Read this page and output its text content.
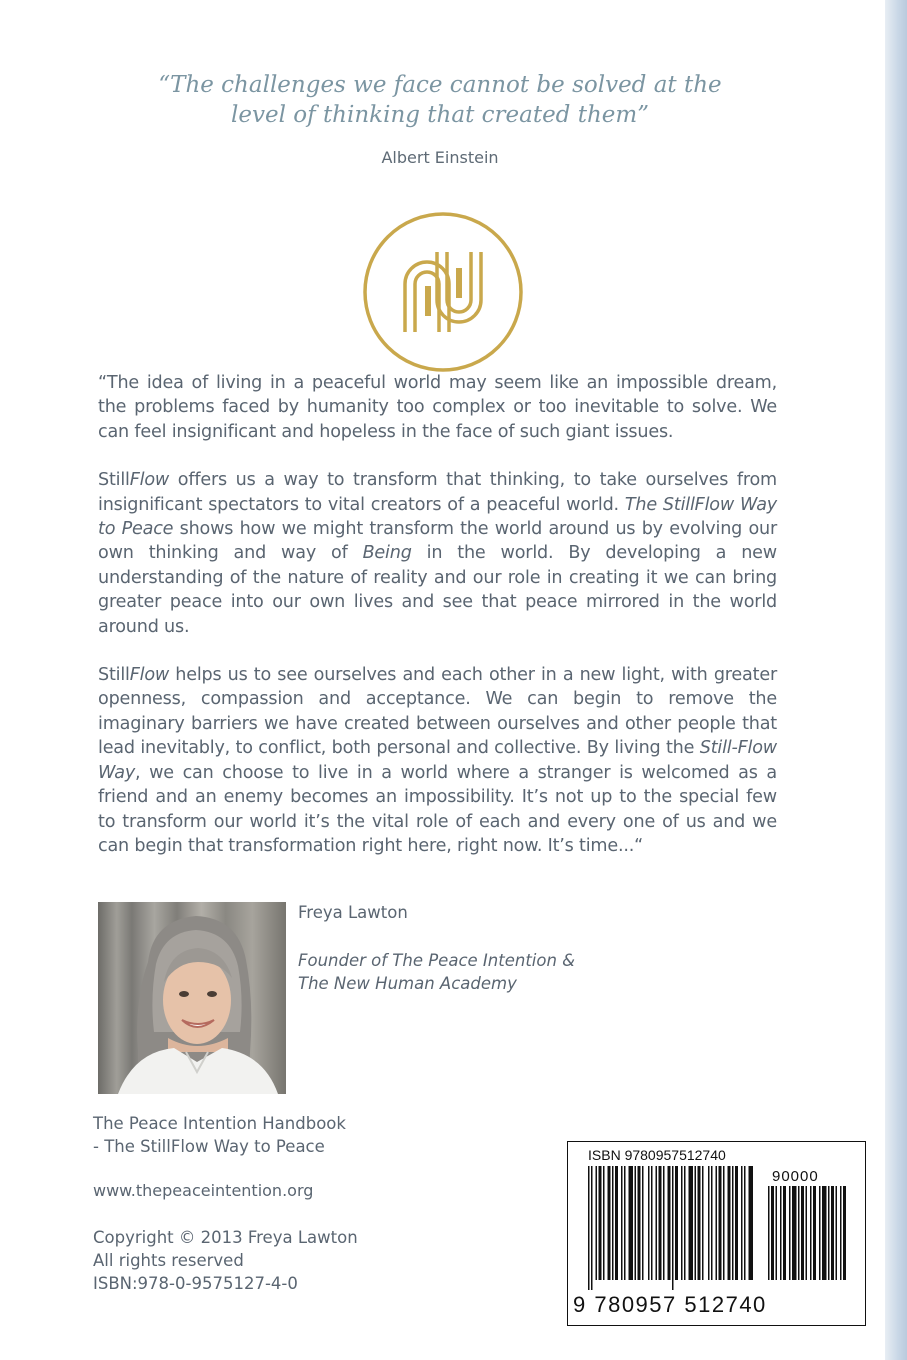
“The challenges we face cannot be solved at the
level of thinking that created them”
Albert Einstein

“The idea of living in a peaceful world may seem like an impossible dream, the problems faced by humanity too complex or too inevitable to solve. We can feel insignificant and hopeless in the face of such giant issues.

StillFlow offers us a way to transform that thinking, to take ourselves from insignificant spectators to vital creators of a peaceful world. The StillFlow Way to Peace shows how we might transform the world around us by evolving our own thinking and way of Being in the world. By developing a new understanding of the nature of reality and our role in creating it we can bring greater peace into our own lives and see that peace mirrored in the world around us.

StillFlow helps us to see ourselves and each other in a new light, with greater openness, compassion and acceptance. We can begin to remove the imaginary barriers we have created between ourselves and other people that lead inevitably, to conflict, both personal and collective. By living the Still-Flow Way, we can choose to live in a world where a stranger is welcomed as a friend and an enemy becomes an impossibility. It’s not up to the special few to transform our world it’s the vital role of each and every one of us and we can begin that transformation right here, right now. It’s time...“

Freya Lawton
Founder of The Peace Intention &
The New Human Academy
The Peace Intention Handbook
- The StillFlow Way to Peace
www.thepeaceintention.org
Copyright © 2013 Freya Lawton
All rights reserved
ISBN:978-0-9575127-4-0
ISBN 9780957512740
90000
9 780957 512740
